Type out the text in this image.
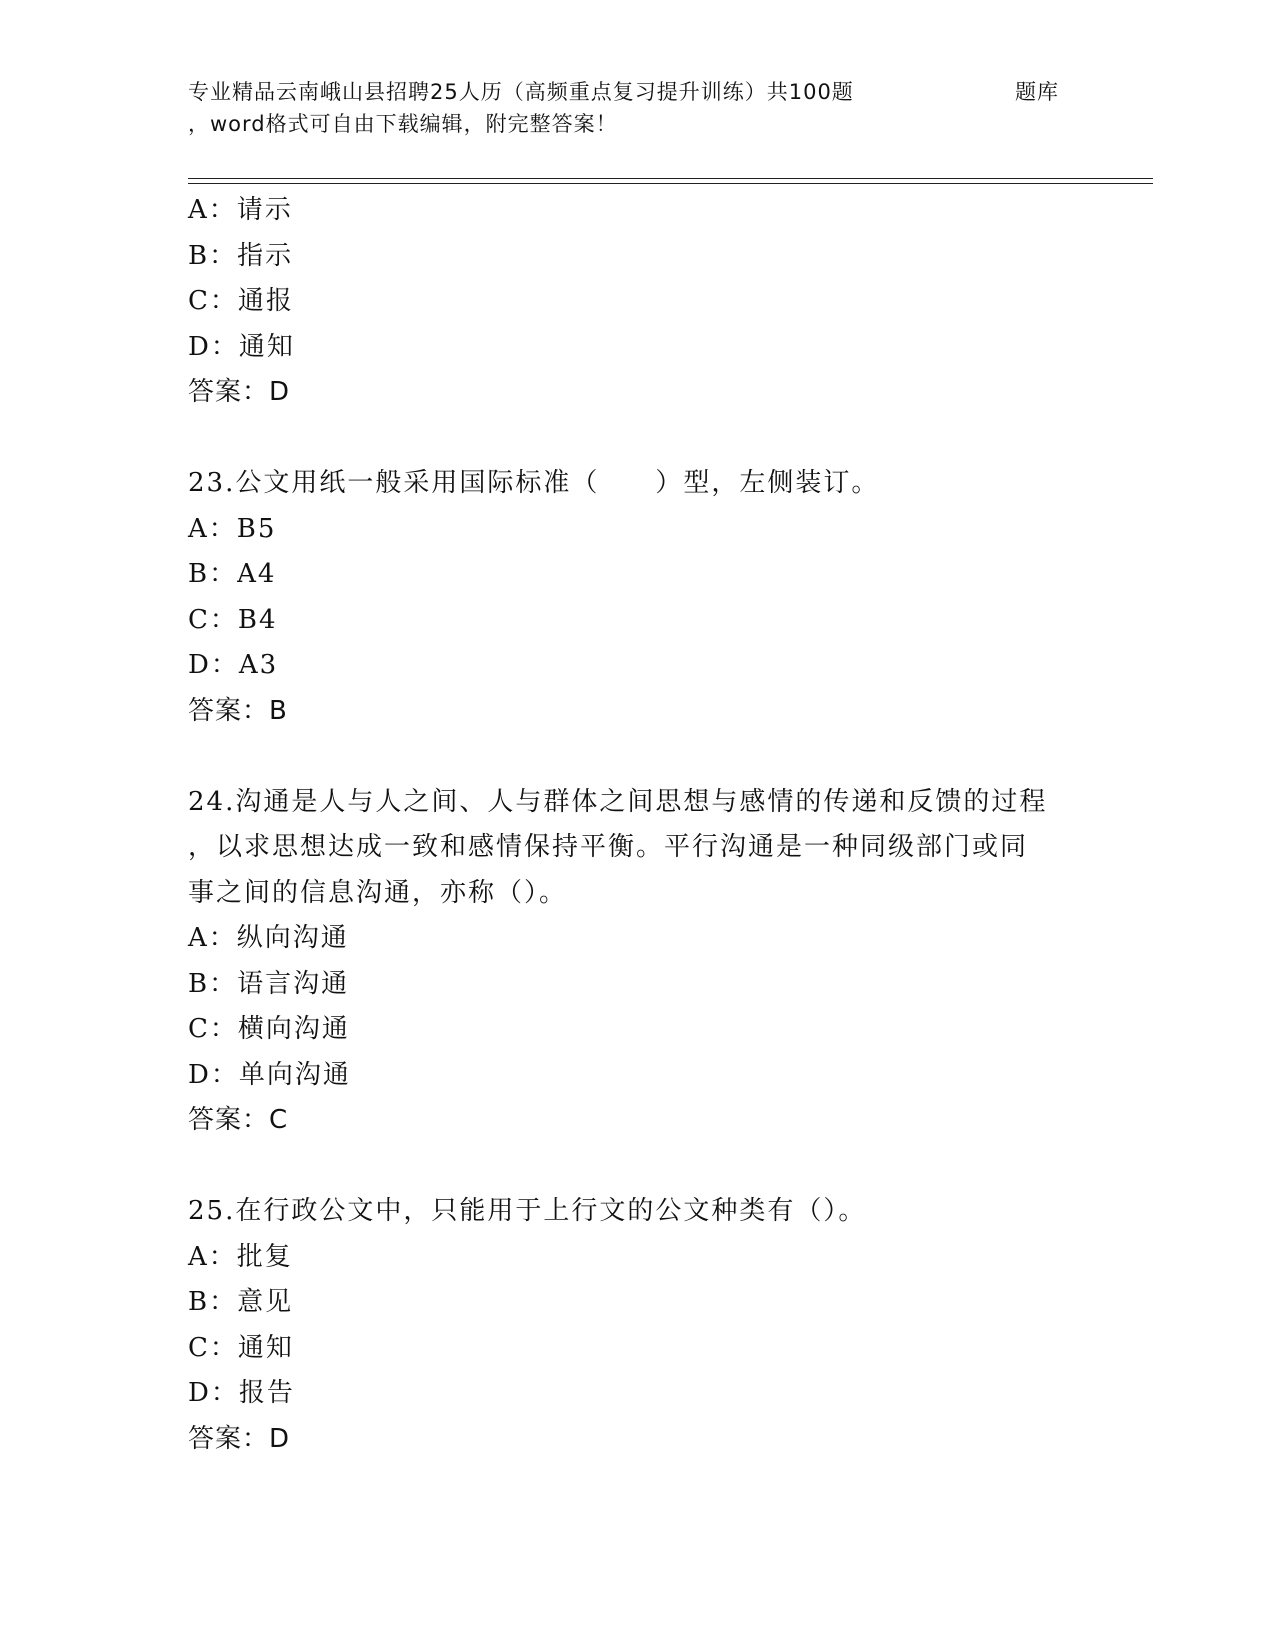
专业精品云南峨山县招聘25人历（高频重点复习提升训练）共100题	题库
，word格式可自由下载编辑，附完整答案！
A：请示
B：指示
C：通报
D：通知
答案：D
23.公文用纸一般采用国际标准（　　）型，左侧装订。
A：B5
B：A4
C：B4
D：A3
答案：B
24.沟通是人与人之间、人与群体之间思想与感情的传递和反馈的过程
，以求思想达成一致和感情保持平衡。平行沟通是一种同级部门或同
事之间的信息沟通，亦称（）。
A：纵向沟通
B：语言沟通
C：横向沟通
D：单向沟通
答案：C
25.在行政公文中，只能用于上行文的公文种类有（）。
A：批复
B：意见
C：通知
D：报告
答案：D
